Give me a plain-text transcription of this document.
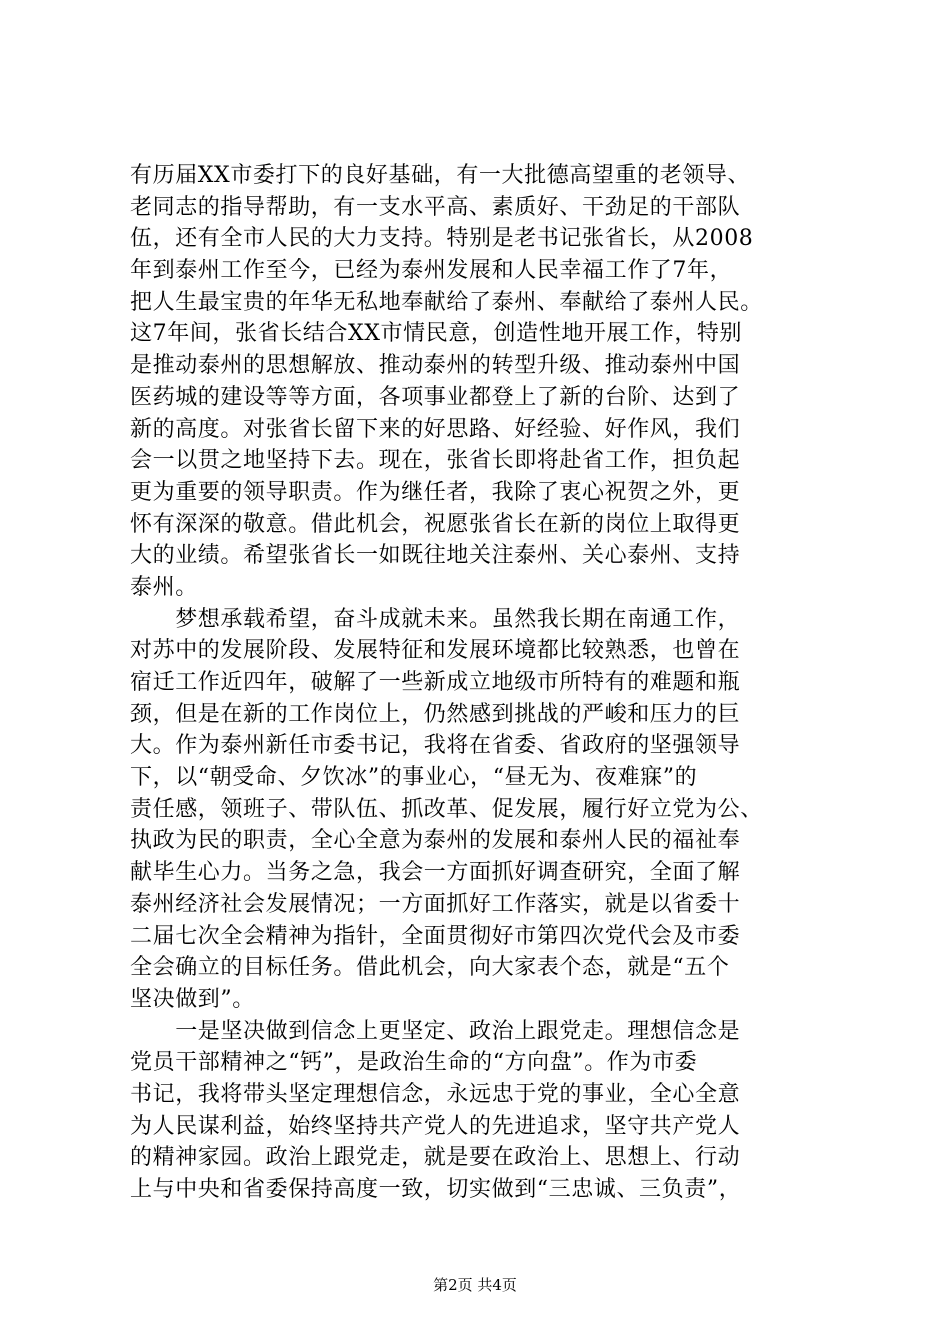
有历届XX市委打下的良好基础，有一大批德高望重的老领导、
老同志的指导帮助，有一支水平高、素质好、干劲足的干部队
伍，还有全市人民的大力支持。特别是老书记张省长，从2008
年到泰州工作至今，已经为泰州发展和人民幸福工作了7年，
把人生最宝贵的年华无私地奉献给了泰州、奉献给了泰州人民。
这7年间，张省长结合XX市情民意，创造性地开展工作，特别
是推动泰州的思想解放、推动泰州的转型升级、推动泰州中国
医药城的建设等等方面，各项事业都登上了新的台阶、达到了
新的高度。对张省长留下来的好思路、好经验、好作风，我们
会一以贯之地坚持下去。现在，张省长即将赴省工作，担负起
更为重要的领导职责。作为继任者，我除了衷心祝贺之外，更
怀有深深的敬意。借此机会，祝愿张省长在新的岗位上取得更
大的业绩。希望张省长一如既往地关注泰州、关心泰州、支持
泰州。
　　梦想承载希望，奋斗成就未来。虽然我长期在南通工作，
对苏中的发展阶段、发展特征和发展环境都比较熟悉，也曾在
宿迁工作近四年，破解了一些新成立地级市所特有的难题和瓶
颈，但是在新的工作岗位上，仍然感到挑战的严峻和压力的巨
大。作为泰州新任市委书记，我将在省委、省政府的坚强领导
下，以“朝受命、夕饮冰”的事业心，“昼无为、夜难寐”的
责任感，领班子、带队伍、抓改革、促发展，履行好立党为公、
执政为民的职责，全心全意为泰州的发展和泰州人民的福祉奉
献毕生心力。当务之急，我会一方面抓好调查研究，全面了解
泰州经济社会发展情况；一方面抓好工作落实，就是以省委十
二届七次全会精神为指针，全面贯彻好市第四次党代会及市委
全会确立的目标任务。借此机会，向大家表个态，就是“五个
坚决做到”。
　　一是坚决做到信念上更坚定、政治上跟党走。理想信念是
党员干部精神之“钙”，是政治生命的“方向盘”。作为市委
书记，我将带头坚定理想信念，永远忠于党的事业，全心全意
为人民谋利益，始终坚持共产党人的先进追求，坚守共产党人
的精神家园。政治上跟党走，就是要在政治上、思想上、行动
上与中央和省委保持高度一致，切实做到“三忠诚、三负责”，
第2页 共4页
